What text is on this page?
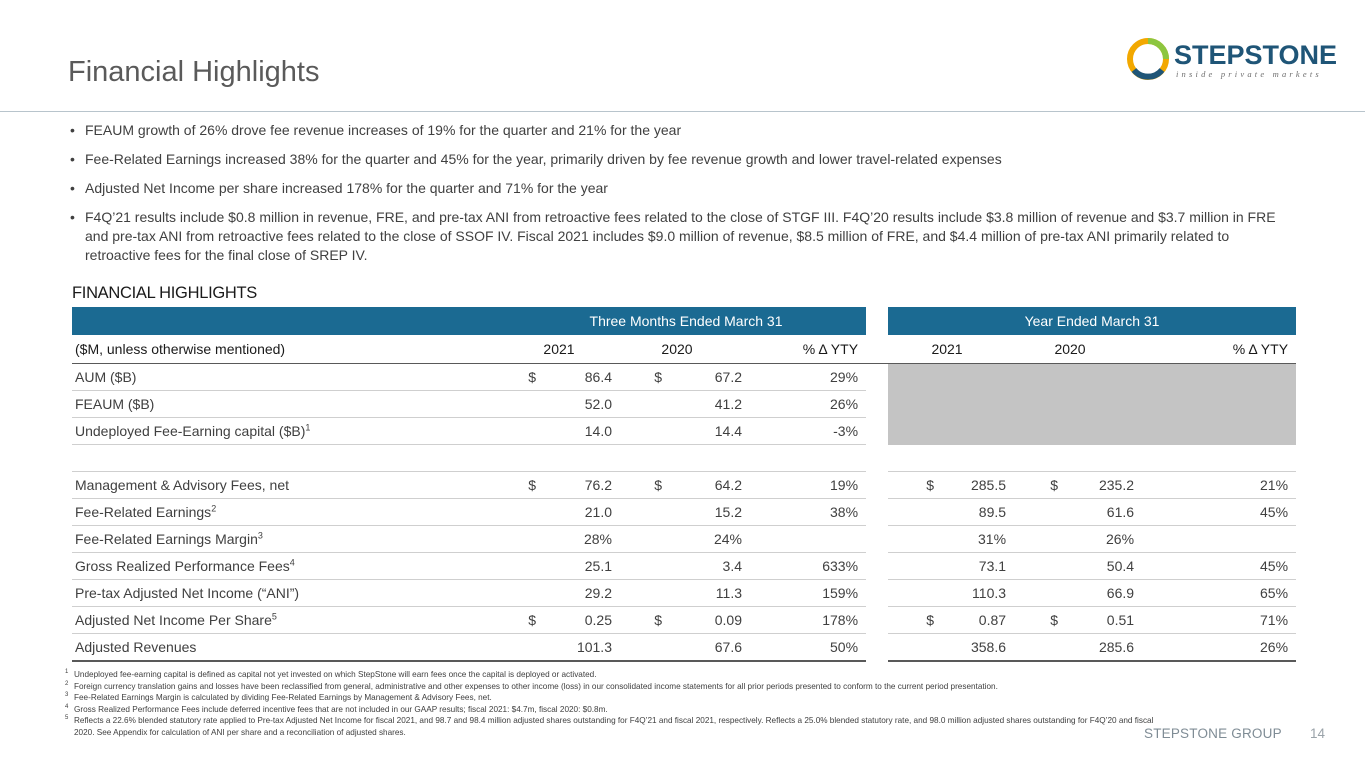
Financial Highlights
STEPSTONE
inside private markets
• FEAUM growth of 26% drove fee revenue increases of 19% for the quarter and 21% for the year
• Fee-Related Earnings increased 38% for the quarter and 45% for the year, primarily driven by fee revenue growth and lower travel-related expenses
• Adjusted Net Income per share increased 178% for the quarter and 71% for the year
• F4Q’21 results include $0.8 million in revenue, FRE, and pre-tax ANI from retroactive fees related to the close of STGF III. F4Q’20 results include $3.8 million of revenue and $3.7 million in FRE and pre-tax ANI from retroactive fees related to the close of SSOF IV. Fiscal 2021 includes $9.0 million of revenue, $8.5 million of FRE, and $4.4 million of pre-tax ANI primarily related to retroactive fees for the final close of SREP IV.
FINANCIAL HIGHLIGHTS
	Three Months Ended March 31						Year Ended March 31				
($M, unless otherwise mentioned)	2021		2020		% Δ YTY		2021		2020		% Δ YTY
AUM ($B)	$	86.4	$	67.2	29%						
FEAUM ($B)		52.0		41.2	26%						
Undeployed Fee-Earning capital ($B)$^1$		14.0		14.4	-3%						

Management & Advisory Fees, net	$	76.2	$	64.2	19%		$	285.5	$	235.2	21%
Fee-Related Earnings$^2$		21.0		15.2	38%			89.5		61.6	45%
Fee-Related Earnings Margin$^3$		28%		24%				31%		26%	
Gross Realized Performance Fees$^4$		25.1		3.4	633%			73.1		50.4	45%
Pre-tax Adjusted Net Income (“ANI”)		29.2		11.3	159%			110.3		66.9	65%
Adjusted Net Income Per Share$^5$	$	0.25	$	0.09	178%		$	0.87	$	0.51	71%
Adjusted Revenues		101.3		67.6	50%			358.6		285.6	26%
1 Undeployed fee-earning capital is defined as capital not yet invested on which StepStone will earn fees once the capital is deployed or activated.
2 Foreign currency translation gains and losses have been reclassified from general, administrative and other expenses to other income (loss) in our consolidated income statements for all prior periods presented to conform to the current period presentation.
3 Fee-Related Earnings Margin is calculated by dividing Fee-Related Earnings by Management & Advisory Fees, net.
4 Gross Realized Performance Fees include deferred incentive fees that are not included in our GAAP results; fiscal 2021: $4.7m, fiscal 2020: $0.8m.
5 Reflects a 22.6% blended statutory rate applied to Pre-tax Adjusted Net Income for fiscal 2021, and 98.7 and 98.4 million adjusted shares outstanding for F4Q’21 and fiscal 2021, respectively. Reflects a 25.0% blended statutory rate, and 98.0 million adjusted shares outstanding for F4Q’20 and fiscal 2020. See Appendix for calculation of ANI per share and a reconciliation of adjusted shares.	STEPSTONE GROUP 14
